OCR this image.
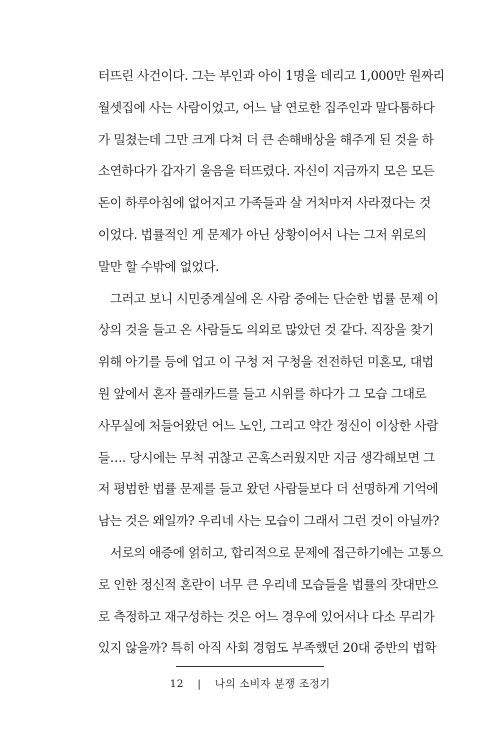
터뜨린 사건이다. 그는 부인과 아이 1명을 데리고 1,000만 원짜리
월셋집에 사는 사람이었고, 어느 날 연로한 집주인과 말다툼하다
가 밀쳤는데 그만 크게 다쳐 더 큰 손해배상을 해주게 된 것을 하
소연하다가 갑자기 울음을 터뜨렸다. 자신이 지금까지 모은 모든
돈이 하루아침에 없어지고 가족들과 살 거처마저 사라졌다는 것
이었다. 법률적인 게 문제가 아닌 상황이어서 나는 그저 위로의
말만 할 수밖에 없었다.
그러고 보니 시민중계실에 온 사람 중에는 단순한 법률 문제 이
상의 것을 들고 온 사람들도 의외로 많았던 것 같다. 직장을 찾기
위해 아기를 등에 업고 이 구청 저 구청을 전전하던 미혼모, 대법
원 앞에서 혼자 플래카드를 들고 시위를 하다가 그 모습 그대로
사무실에 처들어왔던 어느 노인, 그리고 약간 정신이 이상한 사람
들…. 당시에는 무척 귀찮고 곤혹스러웠지만 지금 생각해보면 그
저 평범한 법률 문제를 들고 왔던 사람들보다 더 선명하게 기억에
남는 것은 왜일까? 우리네 사는 모습이 그래서 그런 것이 아닐까?
서로의 애증에 얽히고, 합리적으로 문제에 접근하기에는 고통으
로 인한 정신적 혼란이 너무 큰 우리네 모습들을 법률의 잣대만으
로 측정하고 재구성하는 것은 어느 경우에 있어서나 다소 무리가
있지 않을까? 특히 아직 사회 경험도 부족했던 20대 중반의 법학
12 | 나의 소비자 분쟁 조정기
